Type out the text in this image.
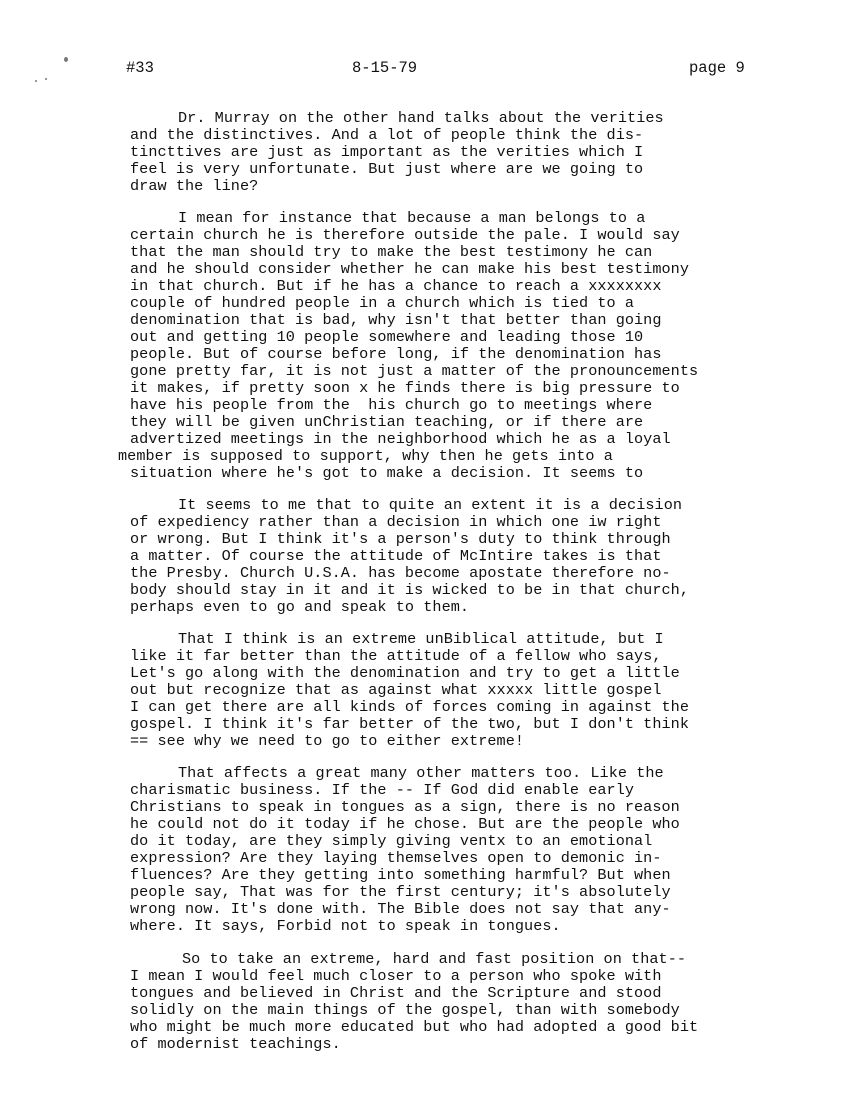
#33	8-15-79	page 9
Dr. Murray on the other hand talks about the verities
and the distinctives. And a lot of people think the dis-
tincttives are just as important as the verities which I
feel is very unfortunate. But just where are we going to
draw the line?
I mean for instance that because a man belongs to a
certain church he is therefore outside the pale. I would say
that the man should try to make the best testimony he can
and he should consider whether he can make his best testimony
in that church. But if he has a chance to reach a xxxxxxxx
couple of hundred people in a church which is tied to a
denomination that is bad, why isn't that better than going
out and getting 10 people somewhere and leading those 10
people. But of course before long, if the denomination has
gone pretty far, it is not just a matter of the pronouncements
it makes, if pretty soon x he finds there is big pressure to
have his people from the  his church go to meetings where
they will be given unChristian teaching, or if there are
advertized meetings in the neighborhood which he as a loyal
member is supposed to support, why then he gets into a
situation where he's got to make a decision. It seems to
It seems to me that to quite an extent it is a decision
of expediency rather than a decision in which one iw right
or wrong. But I think it's a person's duty to think through
a matter. Of course the attitude of McIntire takes is that
the Presby. Church U.S.A. has become apostate therefore no-
body should stay in it and it is wicked to be in that church,
perhaps even to go and speak to them.
That I think is an extreme unBiblical attitude, but I
like it far better than the attitude of a fellow who says,
Let's go along with the denomination and try to get a little
out but recognize that as against what xxxxx little gospel
I can get there are all kinds of forces coming in against the
gospel. I think it's far better of the two, but I don't think
== see why we need to go to either extreme!
That affects a great many other matters too. Like the
charismatic business. If the -- If God did enable early
Christians to speak in tongues as a sign, there is no reason
he could not do it today if he chose. But are the people who
do it today, are they simply giving ventx to an emotional
expression? Are they laying themselves open to demonic in-
fluences? Are they getting into something harmful? But when
people say, That was for the first century; it's absolutely
wrong now. It's done with. The Bible does not say that any-
where. It says, Forbid not to speak in tongues.
So to take an extreme, hard and fast position on that--
I mean I would feel much closer to a person who spoke with
tongues and believed in Christ and the Scripture and stood
solidly on the main things of the gospel, than with somebody
who might be much more educated but who had adopted a good bit
of modernist teachings.
